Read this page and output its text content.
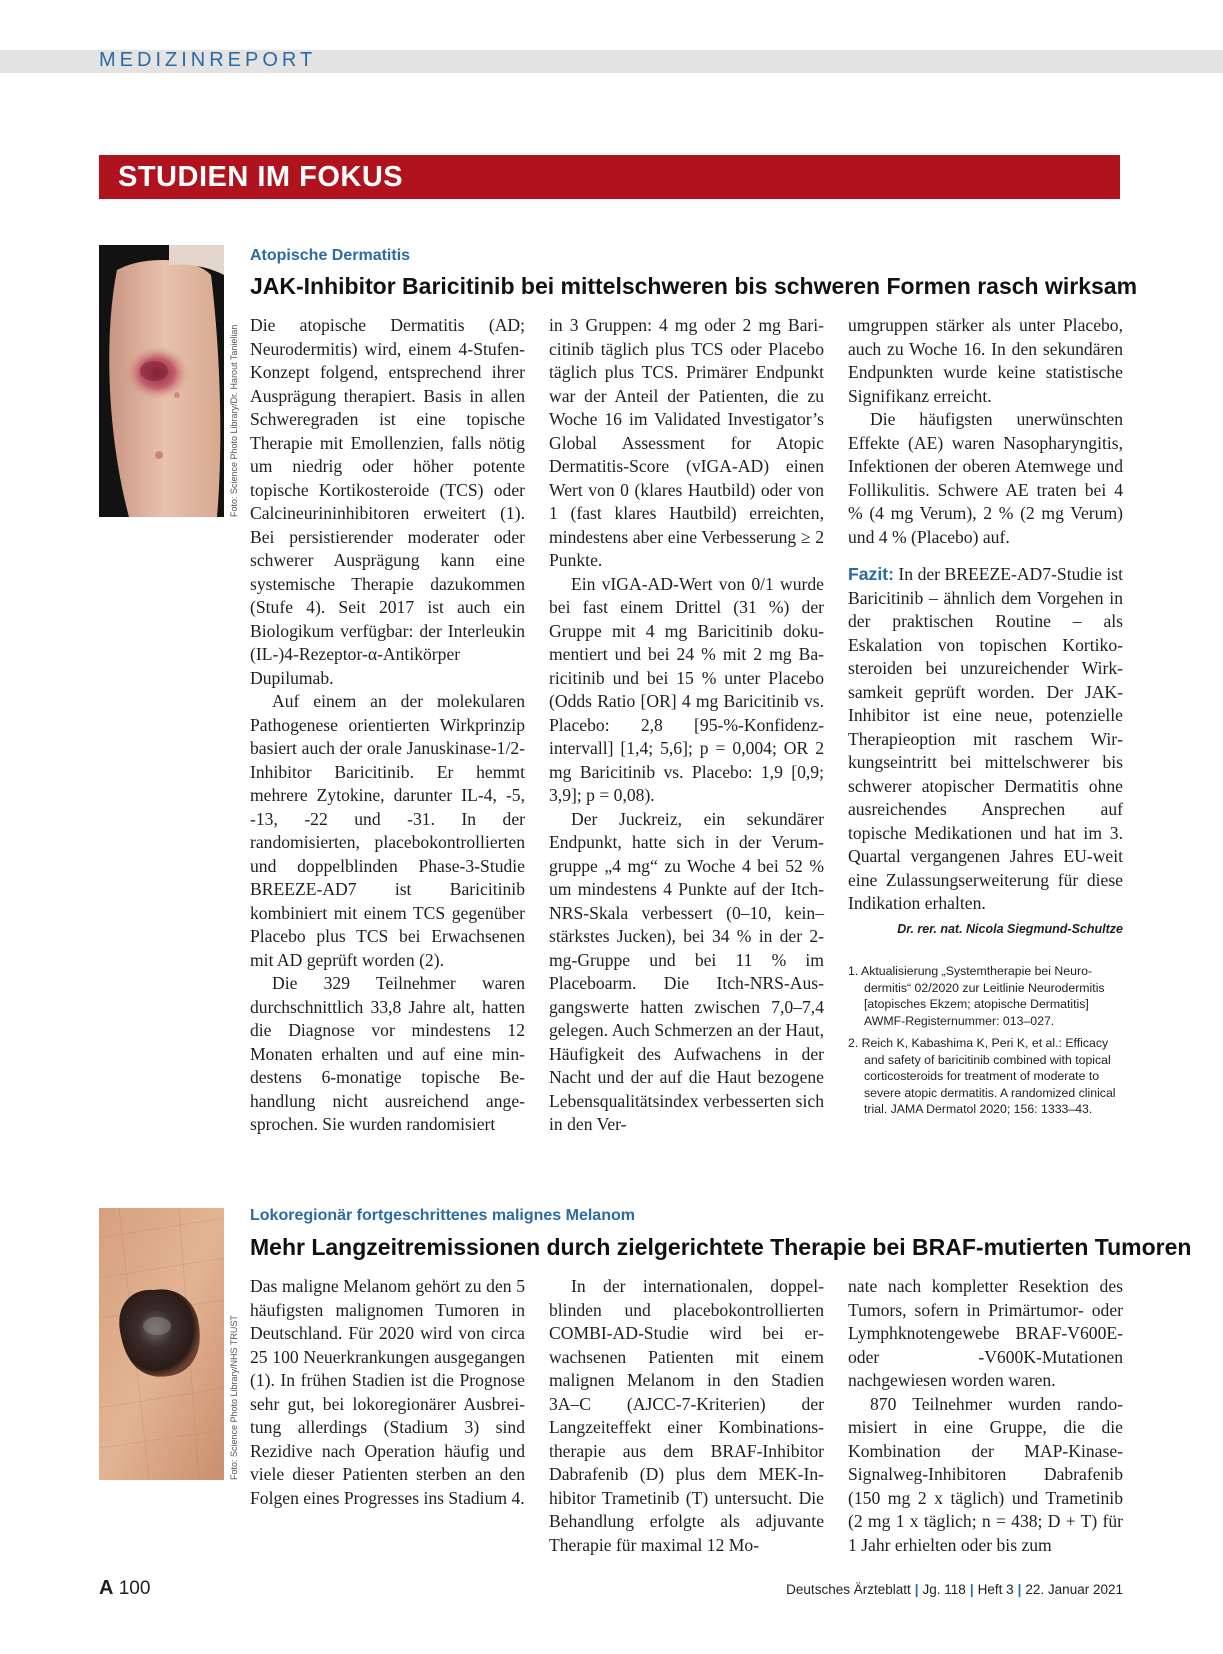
MEDIZINREPORT
STUDIEN IM FOKUS
Foto: Science Photo Library/Dr. Harout Tanielian
Atopische Dermatitis
JAK-Inhibitor Baricitinib bei mittelschweren bis schweren Formen rasch wirksam

Die atopische Dermatitis (AD; Neurodermitis) wird, einem 4-Stufen-Konzept folgend, entsprechend ihrer Ausprägung therapiert. Basis in allen Schweregraden ist eine topische Therapie mit Emollenzien, falls nötig um niedrig oder höher potente topische Kortikosteroide (TCS) oder Calcineurininhibitoren erweitert (1). Bei persistierender moderater oder schwerer Ausprägung kann eine systemische Therapie dazukommen (Stufe 4). Seit 2017 ist auch ein Biologikum verfügbar: der Interleukin (IL-)4-Rezeptor-α-Antikörper Dupilumab.

Auf einem an der molekularen Pathogenese orientierten Wirkprinzip basiert auch der orale Januskinase-1/2-Inhibitor Baricitinib. Er hemmt mehrere Zytokine, darunter IL-4, -5, -13, -22 und -31. In der randomisierten, placebokontrollierten und doppelblinden Phase-3-Studie BREEZE-AD7 ist Baricitinib kombiniert mit einem TCS gegenüber Placebo plus TCS bei Erwachsenen mit AD geprüft worden (2).

Die 329 Teilnehmer waren durchschnittlich 33,8 Jahre alt, hatten die Diagnose vor mindestens 12 Monaten erhalten und auf eine mindestens 6-monatige topische Behandlung nicht ausreichend angesprochen. Sie wurden randomisiert

in 3 Gruppen: 4 mg oder 2 mg Baricitinib täglich plus TCS oder Placebo täglich plus TCS. Primärer Endpunkt war der Anteil der Patienten, die zu Woche 16 im Validated Investigator’s Global Assessment for Atopic Dermatitis-Score (vIGA-AD) einen Wert von 0 (klares Hautbild) oder von 1 (fast klares Hautbild) erreichten, mindestens aber eine Verbesserung ≥ 2 Punkte.

Ein vIGA-AD-Wert von 0/1 wurde bei fast einem Drittel (31 %) der Gruppe mit 4 mg Baricitinib dokumentiert und bei 24 % mit 2 mg Baricitinib und bei 15 % unter Placebo (Odds Ratio [OR] 4 mg Baricitinib vs. Placebo: 2,8 [95-%-Konfidenzintervall] [1,4; 5,6]; p = 0,004; OR 2 mg Baricitinib vs. Placebo: 1,9 [0,9; 3,9]; p = 0,08).

Der Juckreiz, ein sekundärer Endpunkt, hatte sich in der Verumgruppe „4 mg“ zu Woche 4 bei 52 % um mindestens 4 Punkte auf der Itch-NRS-Skala verbessert (0–10, kein–stärkstes Jucken), bei 34 % in der 2-mg-Gruppe und bei 11 % im Placeboarm. Die Itch-NRS-Ausgangswerte hatten zwischen 7,0–7,4 gelegen. Auch Schmerzen an der Haut, Häufigkeit des Aufwachens in der Nacht und der auf die Haut bezogene Lebensqualitätsindex verbesserten sich in den Ver-

umgruppen stärker als unter Placebo, auch zu Woche 16. In den sekundären Endpunkten wurde keine statistische Signifikanz erreicht.

Die häufigsten unerwünschten Effekte (AE) waren Nasopharyngitis, Infektionen der oberen Atemwege und Follikulitis. Schwere AE traten bei 4 % (4 mg Verum), 2 % (2 mg Verum) und 4 % (Placebo) auf.

Fazit: In der BREEZE-AD7-Studie ist Baricitinib – ähnlich dem Vorgehen in der praktischen Routine – als Eskalation von topischen Kortikosteroiden bei unzureichender Wirksamkeit geprüft worden. Der JAK-Inhibitor ist eine neue, potenzielle Therapieoption mit raschem Wirkungseintritt bei mittelschwerer bis schwerer atopischer Dermatitis ohne ausreichendes Ansprechen auf topische Medikationen und hat im 3. Quartal vergangenen Jahres EU-weit eine Zulassungserweiterung für diese Indikation erhalten.

Dr. rer. nat. Nicola Siegmund-Schultze
1. Aktualisierung „Systemtherapie bei Neurodermitis“ 02/2020 zur Leitlinie Neurodermitis [atopisches Ekzem; atopische Dermatitis] AWMF-Registernummer: 013–027.
2. Reich K, Kabashima K, Peri K, et al.: Efficacy and safety of baricitinib combined with topical corticosteroids for treatment of moderate to severe atopic dermatitis. A randomized clinical trial. JAMA Dermatol 2020; 156: 1333–43.
Foto: Science Photo Library/NHS TRUST
Lokoregionär fortgeschrittenes malignes Melanom
Mehr Langzeitremissionen durch zielgerichtete Therapie bei BRAF-mutierten Tumoren

Das maligne Melanom gehört zu den 5 häufigsten malignomen Tumoren in Deutschland. Für 2020 wird von circa 25 100 Neuerkrankungen ausgegangen (1). In frühen Stadien ist die Prognose sehr gut, bei lokoregionärer Ausbreitung allerdings (Stadium 3) sind Rezidive nach Operation häufig und viele dieser Patienten sterben an den Folgen eines Progresses ins Stadium 4.

In der internationalen, doppelblinden und placebokontrollierten COMBI-AD-Studie wird bei erwachsenen Patienten mit einem malignen Melanom in den Stadien 3A–C (AJCC-7-Kriterien) der Langzeiteffekt einer Kombinationstherapie aus dem BRAF-Inhibitor Dabrafenib (D) plus dem MEK-Inhibitor Trametinib (T) untersucht. Die Behandlung erfolgte als adjuvante Therapie für maximal 12 Mo-

nate nach kompletter Resektion des Tumors, sofern in Primärtumor- oder Lymphknotengewebe BRAF-V600E- oder -V600K-Mutationen nachgewiesen worden waren.

870 Teilnehmer wurden randomisiert in eine Gruppe, die die Kombination der MAP-Kinase-Signalweg-Inhibitoren Dabrafenib (150 mg 2 x täglich) und Trametinib (2 mg 1 x täglich; n = 438; D + T) für 1 Jahr erhielten oder bis zum

A 100	Deutsches Ärzteblatt | Jg. 118 | Heft 3 | 22. Januar 2021
